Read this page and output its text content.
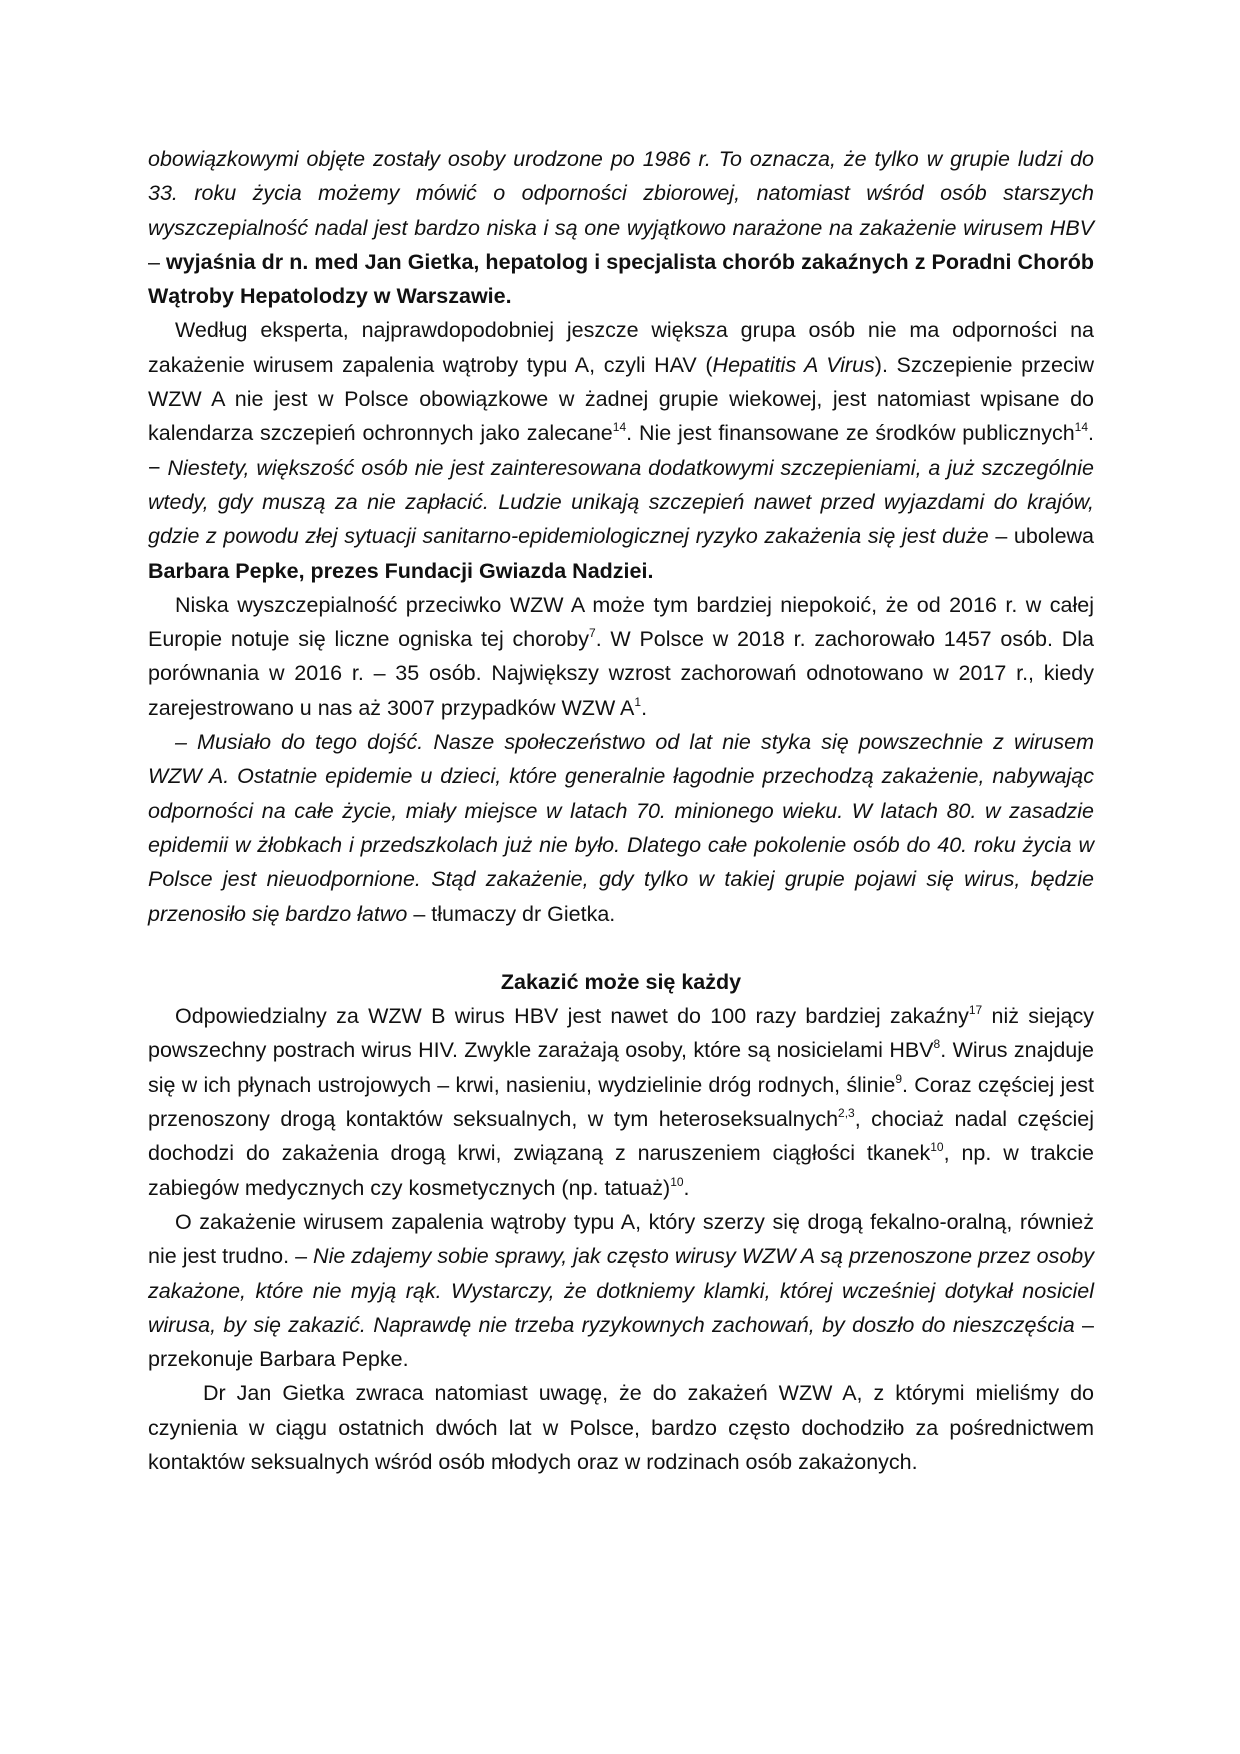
obowiązkowymi objęte zostały osoby urodzone po 1986 r. To oznacza, że tylko w grupie ludzi do 33. roku życia możemy mówić o odporności zbiorowej, natomiast wśród osób starszych wyszczepialność nadal jest bardzo niska i są one wyjątkowo narażone na zakażenie wirusem HBV – wyjaśnia dr n. med Jan Gietka, hepatolog i specjalista chorób zakaźnych z Poradni Chorób Wątroby Hepatolodzy w Warszawie.

Według eksperta, najprawdopodobniej jeszcze większa grupa osób nie ma odporności na zakażenie wirusem zapalenia wątroby typu A, czyli HAV (Hepatitis A Virus). Szczepienie przeciw WZW A nie jest w Polsce obowiązkowe w żadnej grupie wiekowej, jest natomiast wpisane do kalendarza szczepień ochronnych jako zalecane$^{14}$. Nie jest finansowane ze środków publicznych$^{14}$. − Niestety, większość osób nie jest zainteresowana dodatkowymi szczepieniami, a już szczególnie wtedy, gdy muszą za nie zapłacić. Ludzie unikają szczepień nawet przed wyjazdami do krajów, gdzie z powodu złej sytuacji sanitarno-epidemiologicznej ryzyko zakażenia się jest duże – ubolewa Barbara Pepke, prezes Fundacji Gwiazda Nadziei.

Niska wyszczepialność przeciwko WZW A może tym bardziej niepokoić, że od 2016 r. w całej Europie notuje się liczne ogniska tej choroby$^7$. W Polsce w 2018 r. zachorowało 1457 osób. Dla porównania w 2016 r. – 35 osób. Największy wzrost zachorowań odnotowano w 2017 r., kiedy zarejestrowano u nas aż 3007 przypadków WZW $A^1$.

– Musiało do tego dojść. Nasze społeczeństwo od lat nie styka się powszechnie z wirusem WZW A. Ostatnie epidemie u dzieci, które generalnie łagodnie przechodzą zakażenie, nabywając odporności na całe życie, miały miejsce w latach 70. minionego wieku. W latach 80. w zasadzie epidemii w żłobkach i przedszkolach już nie było. Dlatego całe pokolenie osób do 40. roku życia w Polsce jest nieuodpornione. Stąd zakażenie, gdy tylko w takiej grupie pojawi się wirus, będzie przenosiło się bardzo łatwo – tłumaczy dr Gietka.

Zakazić może się każdy

Odpowiedzialny za WZW B wirus HBV jest nawet do 100 razy bardziej zakaźny$^{17}$ niż siejący powszechny postrach wirus HIV. Zwykle zarażają osoby, które są nosicielami HBV$^8$. Wirus znajduje się w ich płynach ustrojowych – krwi, nasieniu, wydzielinie dróg rodnych, ślinie$^9$. Coraz częściej jest przenoszony drogą kontaktów seksualnych, w tym heteroseksualnych$^{2,3}$, chociaż nadal częściej dochodzi do zakażenia drogą krwi, związaną z naruszeniem ciągłości tkanek$^{10}$, np. w trakcie zabiegów medycznych czy kosmetycznych (np. tatuaż)$^{10}$.

O zakażenie wirusem zapalenia wątroby typu A, który szerzy się drogą fekalno-oralną, również nie jest trudno. – Nie zdajemy sobie sprawy, jak często wirusy WZW A są przenoszone przez osoby zakażone, które nie myją rąk. Wystarczy, że dotkniemy klamki, której wcześniej dotykał nosiciel wirusa, by się zakazić. Naprawdę nie trzeba ryzykownych zachowań, by doszło do nieszczęścia – przekonuje Barbara Pepke.

Dr Jan Gietka zwraca natomiast uwagę, że do zakażeń WZW A, z którymi mieliśmy do czynienia w ciągu ostatnich dwóch lat w Polsce, bardzo często dochodziło za pośrednictwem kontaktów seksualnych wśród osób młodych oraz w rodzinach osób zakażonych.
